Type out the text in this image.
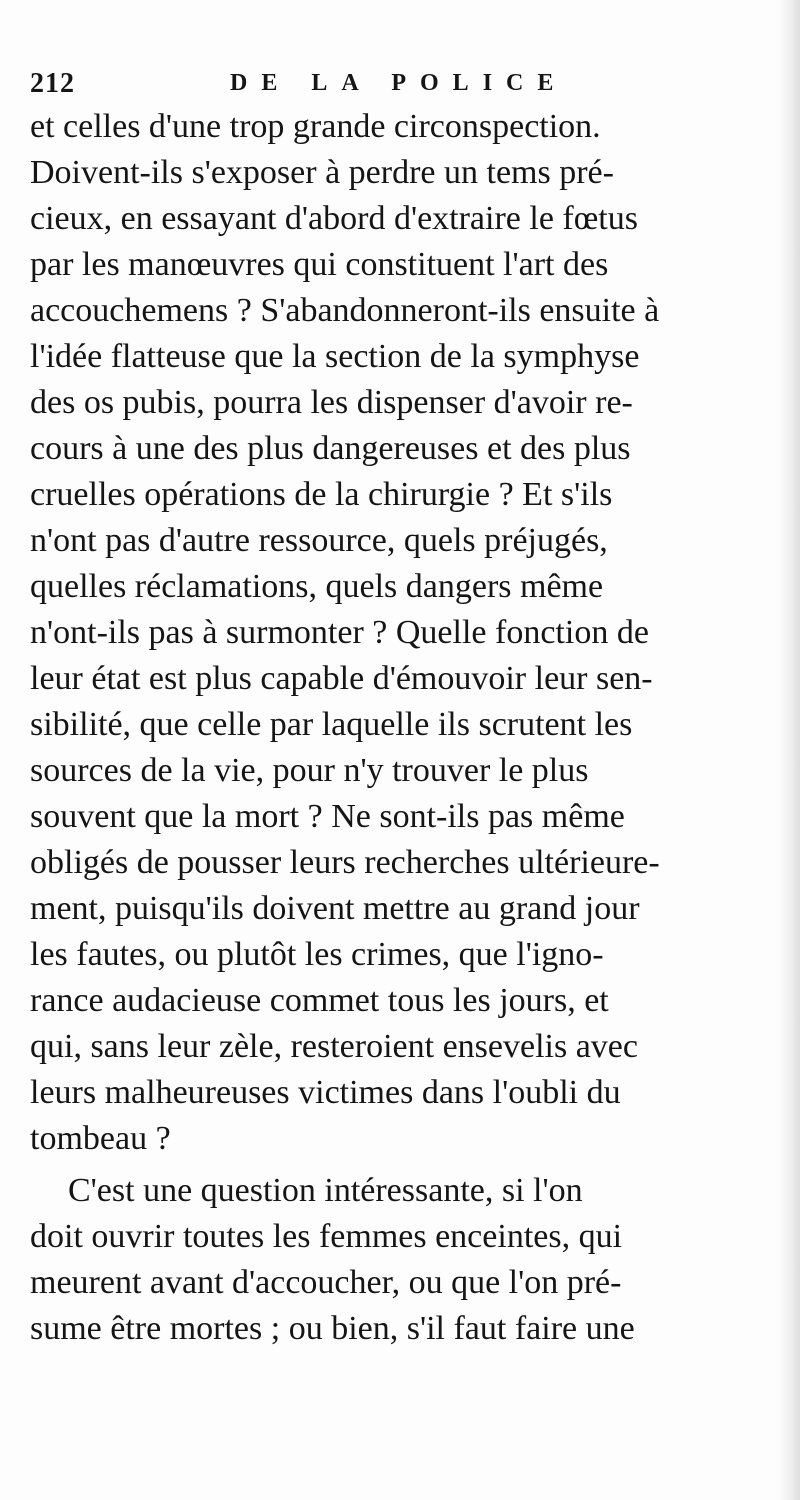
212	DE LA POLICE
et celles d'une trop grande circonspection.
Doivent-ils s'exposer à perdre un tems pré-
cieux, en essayant d'abord d'extraire le fœtus
par les manœuvres qui constituent l'art des
accouchemens ? S'abandonneront-ils ensuite à
l'idée flatteuse que la section de la symphyse
des os pubis, pourra les dispenser d'avoir re-
cours à une des plus dangereuses et des plus
cruelles opérations de la chirurgie ? Et s'ils
n'ont pas d'autre ressource, quels préjugés,
quelles réclamations, quels dangers même
n'ont-ils pas à surmonter ? Quelle fonction de
leur état est plus capable d'émouvoir leur sen-
sibilité, que celle par laquelle ils scrutent les
sources de la vie, pour n'y trouver le plus
souvent que la mort ? Ne sont-ils pas même
obligés de pousser leurs recherches ultérieure-
ment, puisqu'ils doivent mettre au grand jour
les fautes, ou plutôt les crimes, que l'igno-
rance audacieuse commet tous les jours, et
qui, sans leur zèle, resteroient ensevelis avec
leurs malheureuses victimes dans l'oubli du
tombeau ?
C'est une question intéressante, si l'on
doit ouvrir toutes les femmes enceintes, qui
meurent avant d'accoucher, ou que l'on pré-
sume être mortes ; ou bien, s'il faut faire une
